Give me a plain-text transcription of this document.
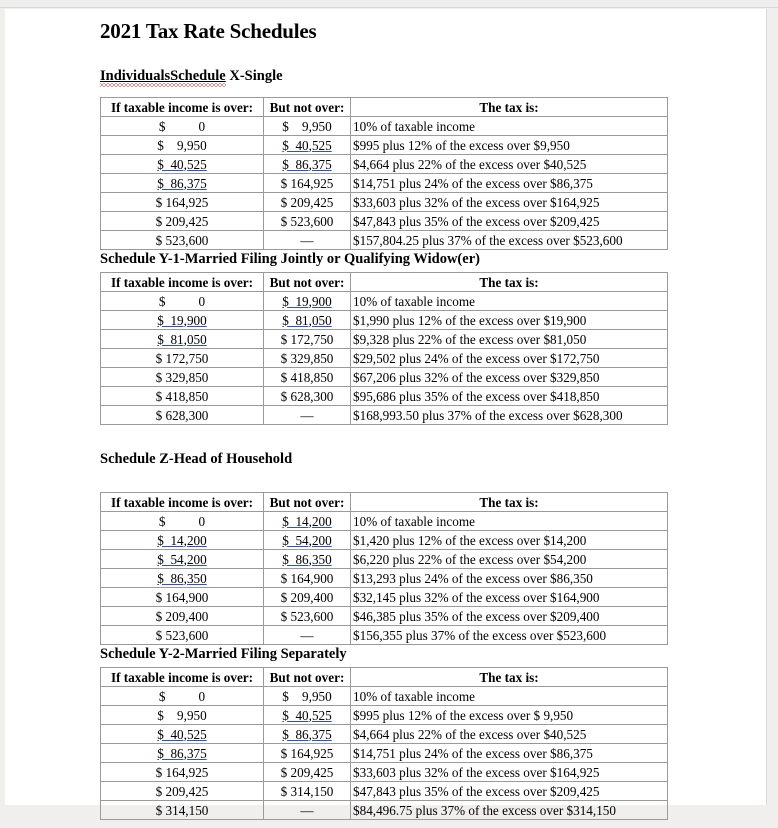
2021 Tax Rate Schedules
IndividualsSchedule X-Single
If taxable income is over:	But not over:	The tax is:
$          0	$    9,950	10% of taxable income
$    9,950	$  40,525	$995 plus 12% of the excess over $9,950
$  40,525	$  86,375	$4,664 plus 22% of the excess over $40,525
$  86,375	$ 164,925	$14,751 plus 24% of the excess over $86,375
$ 164,925	$ 209,425	$33,603 plus 32% of the excess over $164,925
$ 209,425	$ 523,600	$47,843 plus 35% of the excess over $209,425
$ 523,600	—	$157,804.25 plus 37% of the excess over $523,600
Schedule Y-1-Married Filing Jointly or Qualifying Widow(er)
If taxable income is over:	But not over:	The tax is:
$          0	$  19,900	10% of taxable income
$  19,900	$  81,050	$1,990 plus 12% of the excess over $19,900
$  81,050	$ 172,750	$9,328 plus 22% of the excess over $81,050
$ 172,750	$ 329,850	$29,502 plus 24% of the excess over $172,750
$ 329,850	$ 418,850	$67,206 plus 32% of the excess over $329,850
$ 418,850	$ 628,300	$95,686 plus 35% of the excess over $418,850
$ 628,300	—	$168,993.50 plus 37% of the excess over $628,300
Schedule Z-Head of Household
If taxable income is over:	But not over:	The tax is:
$          0	$  14,200	10% of taxable income
$  14,200	$  54,200	$1,420 plus 12% of the excess over $14,200
$  54,200	$  86,350	$6,220 plus 22% of the excess over $54,200
$  86,350	$ 164,900	$13,293 plus 24% of the excess over $86,350
$ 164,900	$ 209,400	$32,145 plus 32% of the excess over $164,900
$ 209,400	$ 523,600	$46,385 plus 35% of the excess over $209,400
$ 523,600	—	$156,355 plus 37% of the excess over $523,600
Schedule Y-2-Married Filing Separately
If taxable income is over:	But not over:	The tax is:
$          0	$    9,950	10% of taxable income
$    9,950	$  40,525	$995 plus 12% of the excess over $ 9,950
$  40,525	$  86,375	$4,664 plus 22% of the excess over $40,525
$  86,375	$ 164,925	$14,751 plus 24% of the excess over $86,375
$ 164,925	$ 209,425	$33,603 plus 32% of the excess over $164,925
$ 209,425	$ 314,150	$47,843 plus 35% of the excess over $209,425
$ 314,150	—	$84,496.75 plus 37% of the excess over $314,150
